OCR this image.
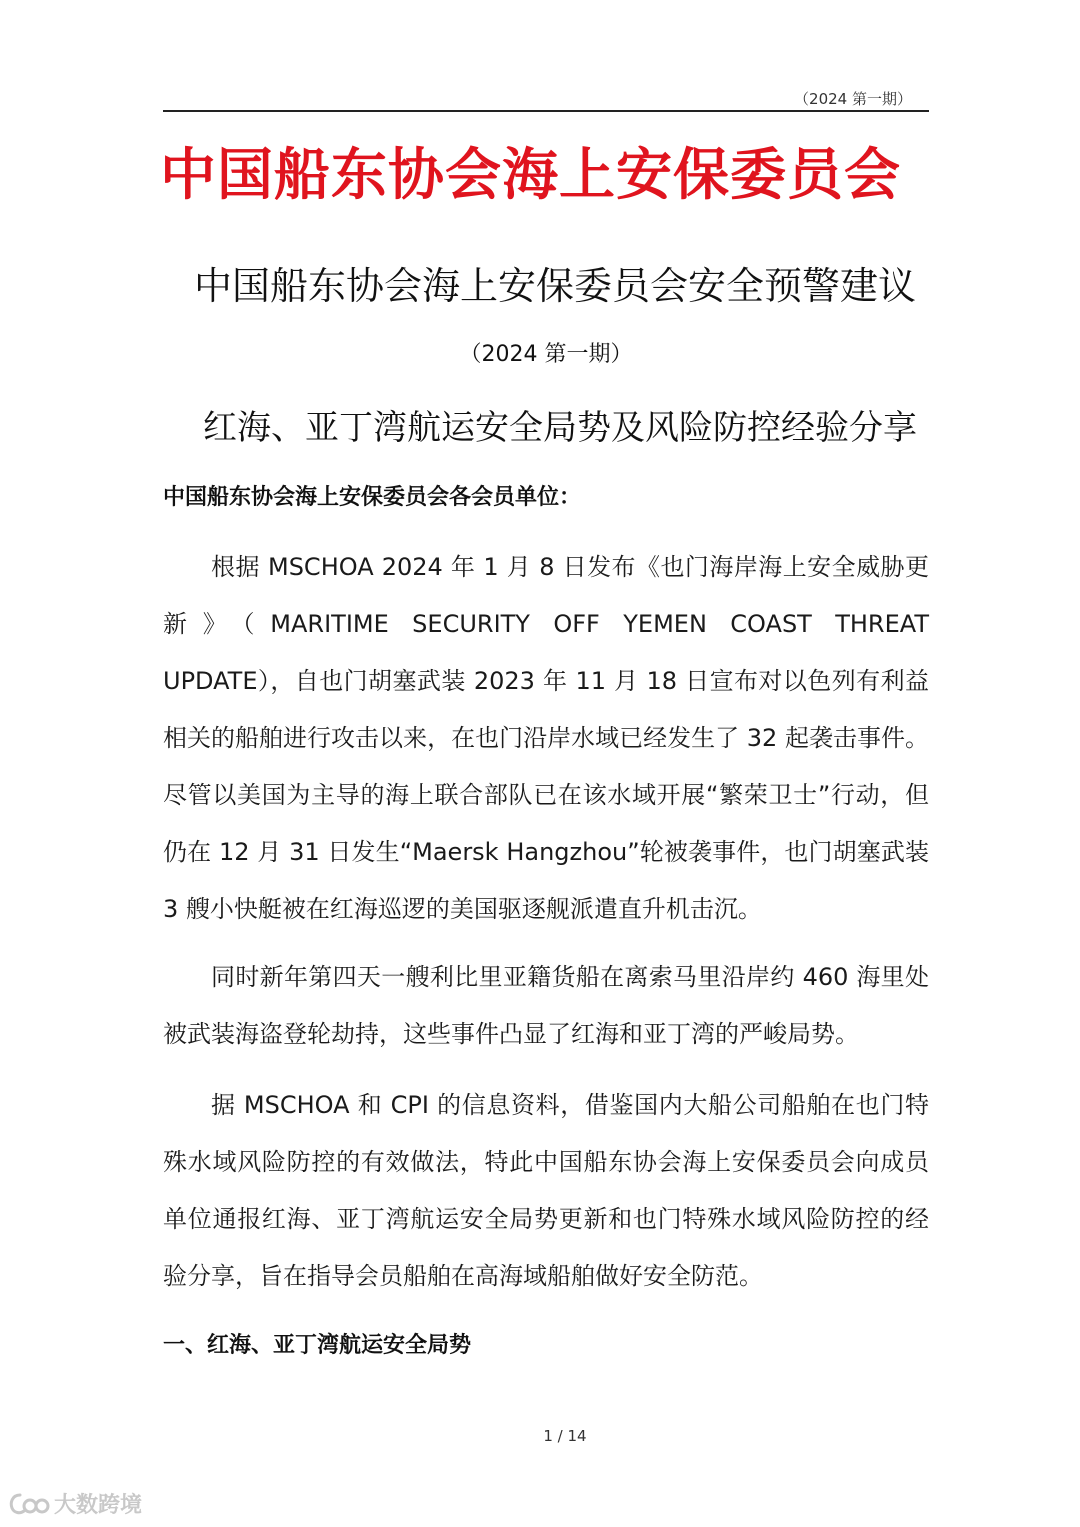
（2024 第一期）
中国船东协会海上安保委员会
中国船东协会海上安保委员会安全预警建议
（2024 第一期）
红海、亚丁湾航运安全局势及风险防控经验分享
中国船东协会海上安保委员会各会员单位：

根据 MSCHOA 2024 年 1 月 8 日发布《也门海岸海上安全威胁更新》（MARITIME SECURITY OFF YEMEN COAST THREAT UPDATE），自也门胡塞武装 2023 年 11 月 18 日宣布对以色列有利益相关的船舶进行攻击以来，在也门沿岸水域已经发生了 32 起袭击事件。尽管以美国为主导的海上联合部队已在该水域开展“繁荣卫士”行动，但仍在 12 月 31 日发生“Maersk Hangzhou”轮被袭事件，也门胡塞武装 3 艘小快艇被在红海巡逻的美国驱逐舰派遣直升机击沉。

同时新年第四天一艘利比里亚籍货船在离索马里沿岸约 460 海里处被武装海盗登轮劫持，这些事件凸显了红海和亚丁湾的严峻局势。

据 MSCHOA 和 CPI 的信息资料，借鉴国内大船公司船舶在也门特殊水域风险防控的有效做法，特此中国船东协会海上安保委员会向成员单位通报红海、亚丁湾航运安全局势更新和也门特殊水域风险防控的经验分享，旨在指导会员船舶在高海域船舶做好安全防范。

一、红海、亚丁湾航运安全局势
1 / 14
大数跨境
